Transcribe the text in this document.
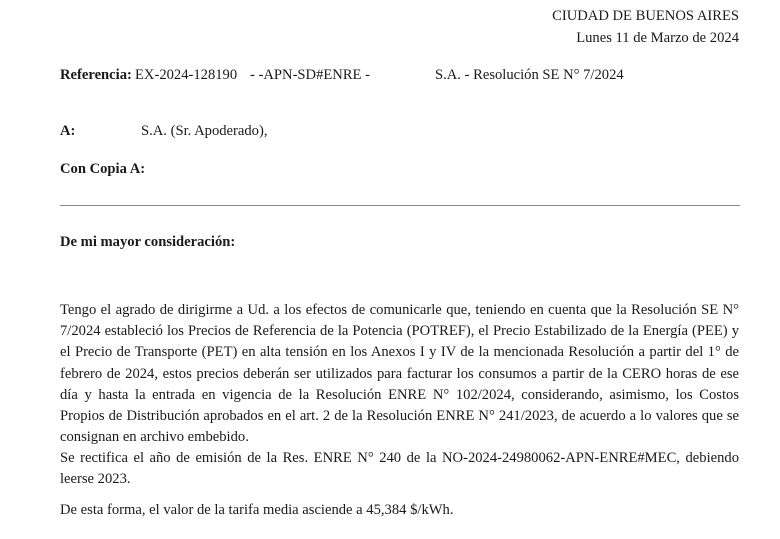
CIUDAD DE BUENOS AIRES
Lunes 11 de Marzo de 2024
Referencia: EX-2024-128190 - -APN-SD#ENRE -	S.A. - Resolución SE N° 7/2024
A:	S.A. (Sr. Apoderado),
Con Copia A:
De mi mayor consideración:

Tengo el agrado de dirigirme a Ud. a los efectos de comunicarle que, teniendo en cuenta que la Resolución SE N° 7/2024 estableció los Precios de Referencia de la Potencia (POTREF), el Precio Estabilizado de la Energía (PEE) y el Precio de Transporte (PET) en alta tensión en los Anexos I y IV de la mencionada Resolución a partir del 1° de febrero de 2024, estos precios deberán ser utilizados para facturar los consumos a partir de la CERO horas de ese día y hasta la entrada en vigencia de la Resolución ENRE N° 102/2024, considerando, asimismo, los Costos Propios de Distribución aprobados en el art. 2 de la Resolución ENRE N° 241/2023, de acuerdo a lo valores que se consignan en archivo embebido.

Se rectifica el año de emisión de la Res. ENRE N° 240 de la NO-2024-24980062-APN-ENRE#MEC, debiendo leerse 2023.

De esta forma, el valor de la tarifa media asciende a 45,384 $/kWh.
